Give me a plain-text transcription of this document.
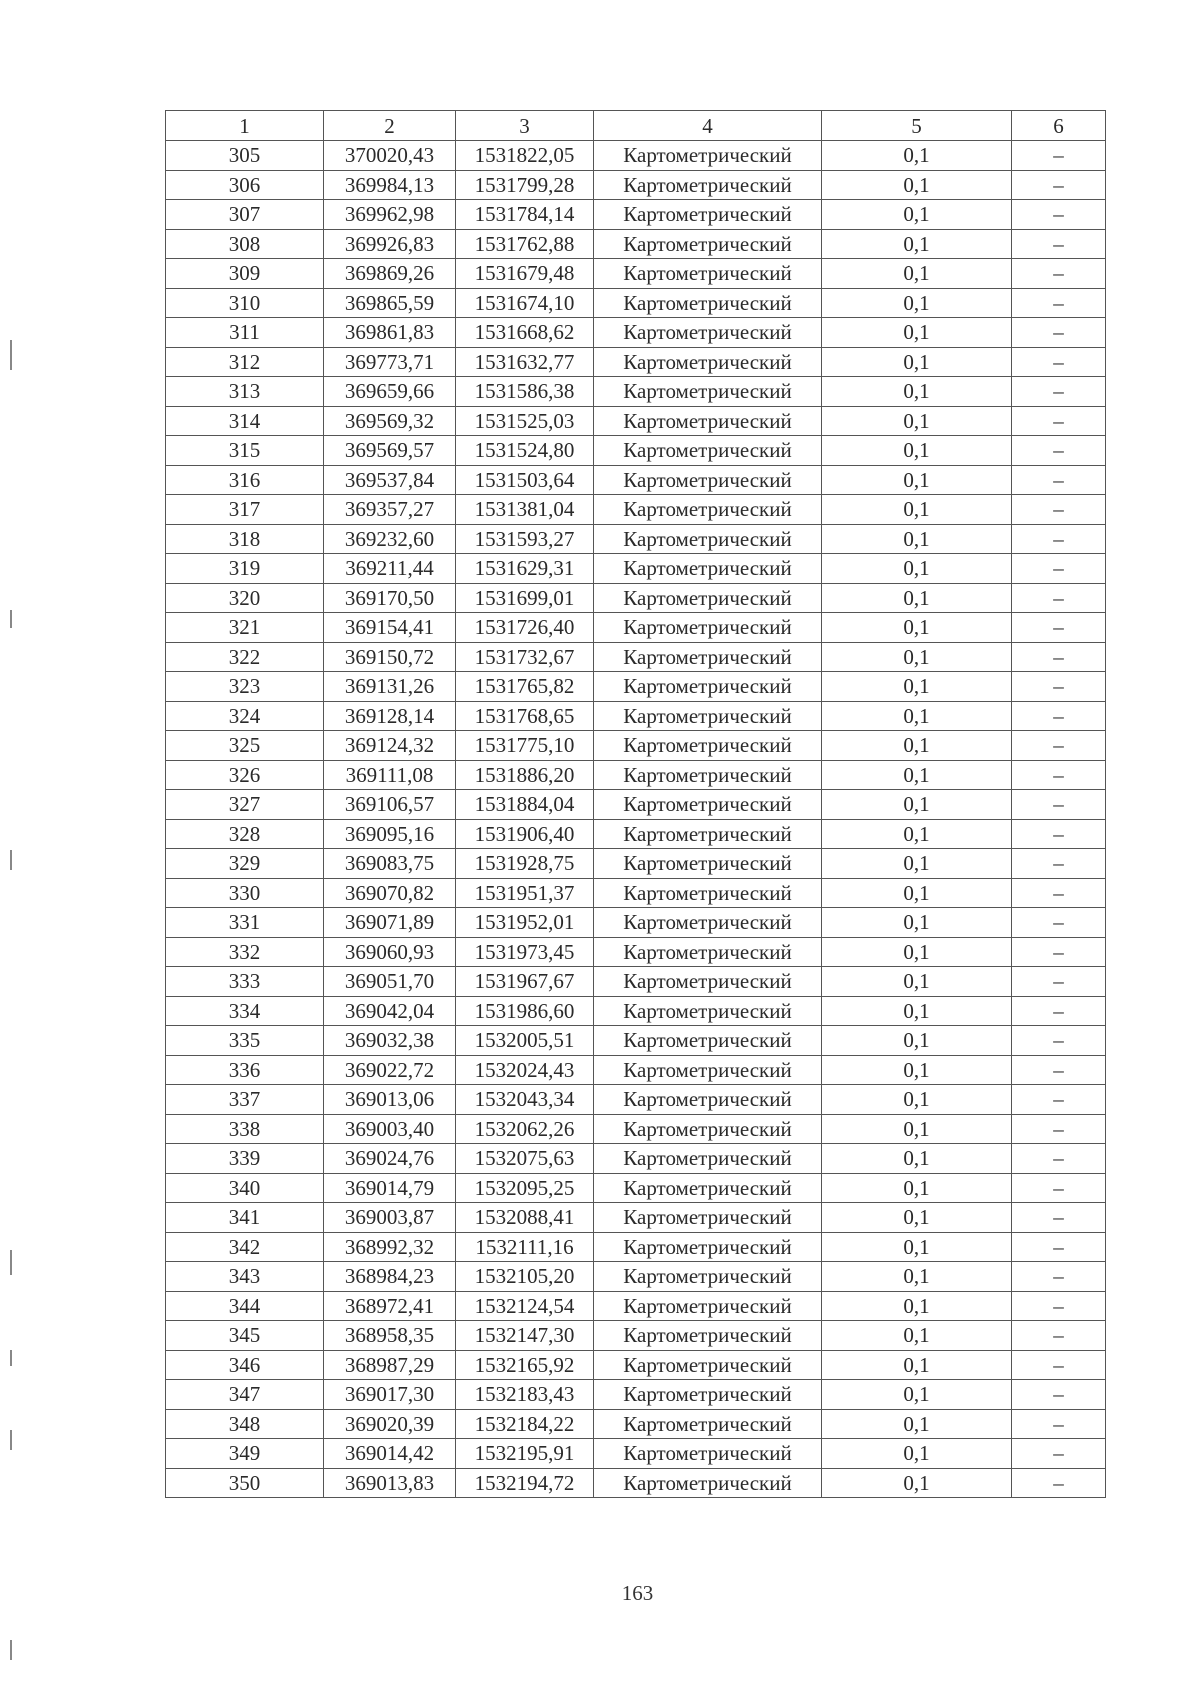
1	2	3	4	5	6
305	370020,43	1531822,05	Картометрический	0,1	–
306	369984,13	1531799,28	Картометрический	0,1	–
307	369962,98	1531784,14	Картометрический	0,1	–
308	369926,83	1531762,88	Картометрический	0,1	–
309	369869,26	1531679,48	Картометрический	0,1	–
310	369865,59	1531674,10	Картометрический	0,1	–
311	369861,83	1531668,62	Картометрический	0,1	–
312	369773,71	1531632,77	Картометрический	0,1	–
313	369659,66	1531586,38	Картометрический	0,1	–
314	369569,32	1531525,03	Картометрический	0,1	–
315	369569,57	1531524,80	Картометрический	0,1	–
316	369537,84	1531503,64	Картометрический	0,1	–
317	369357,27	1531381,04	Картометрический	0,1	–
318	369232,60	1531593,27	Картометрический	0,1	–
319	369211,44	1531629,31	Картометрический	0,1	–
320	369170,50	1531699,01	Картометрический	0,1	–
321	369154,41	1531726,40	Картометрический	0,1	–
322	369150,72	1531732,67	Картометрический	0,1	–
323	369131,26	1531765,82	Картометрический	0,1	–
324	369128,14	1531768,65	Картометрический	0,1	–
325	369124,32	1531775,10	Картометрический	0,1	–
326	369111,08	1531886,20	Картометрический	0,1	–
327	369106,57	1531884,04	Картометрический	0,1	–
328	369095,16	1531906,40	Картометрический	0,1	–
329	369083,75	1531928,75	Картометрический	0,1	–
330	369070,82	1531951,37	Картометрический	0,1	–
331	369071,89	1531952,01	Картометрический	0,1	–
332	369060,93	1531973,45	Картометрический	0,1	–
333	369051,70	1531967,67	Картометрический	0,1	–
334	369042,04	1531986,60	Картометрический	0,1	–
335	369032,38	1532005,51	Картометрический	0,1	–
336	369022,72	1532024,43	Картометрический	0,1	–
337	369013,06	1532043,34	Картометрический	0,1	–
338	369003,40	1532062,26	Картометрический	0,1	–
339	369024,76	1532075,63	Картометрический	0,1	–
340	369014,79	1532095,25	Картометрический	0,1	–
341	369003,87	1532088,41	Картометрический	0,1	–
342	368992,32	1532111,16	Картометрический	0,1	–
343	368984,23	1532105,20	Картометрический	0,1	–
344	368972,41	1532124,54	Картометрический	0,1	–
345	368958,35	1532147,30	Картометрический	0,1	–
346	368987,29	1532165,92	Картометрический	0,1	–
347	369017,30	1532183,43	Картометрический	0,1	–
348	369020,39	1532184,22	Картометрический	0,1	–
349	369014,42	1532195,91	Картометрический	0,1	–
350	369013,83	1532194,72	Картометрический	0,1	–
163
